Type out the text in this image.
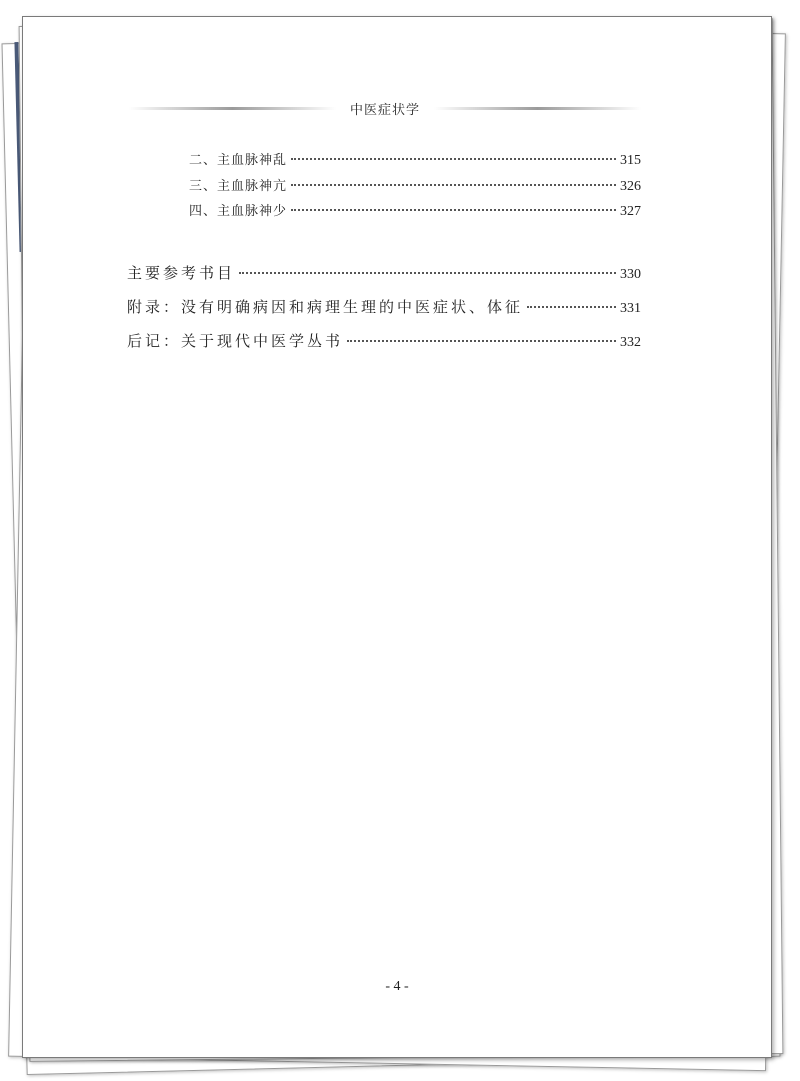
中医症状学
二、主血脉神乱	315
三、主血脉神亢	326
四、主血脉神少	327
主要参考书目	330
附录：没有明确病因和病理生理的中医症状、体征	331
后记：关于现代中医学丛书	332
- 4 -
